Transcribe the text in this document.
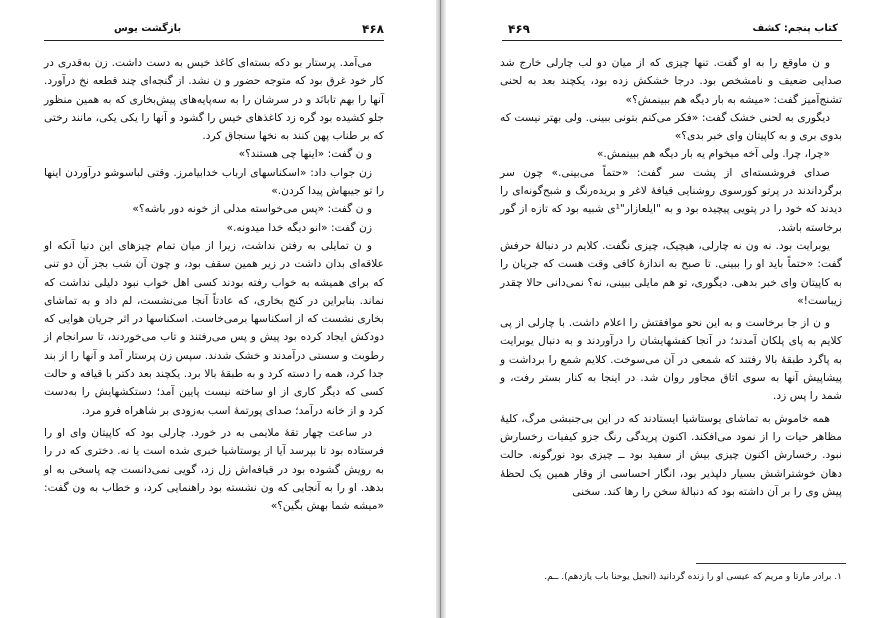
بازگشت یوس	۴۶۸

می‌آمد. پرستار بو دکه بسته‌ای کاغذ خیس به دست داشت. زن به‌قدری در کار خود غرق بود که متوجه حضور و ن نشد. از گنجه‌ای چند قطعه نخ درآورد. آنها را بهم تابانَد و در سرشان را به سه‌پایه‌های پیش‌بخاری که به همین منظور جلو کشیده بود گره زد کاغذهای خیس را گشود و آنها را یکی یکی، مانند رختی که بر طناب پهن کنند به نخها سنجاق کرد.

و ن گفت: «اینها چی هستند؟»

زن جواب داد: «اسکناسهای ارباب خدابیامرز. وقتی لباسوشو درآوردن اینها را تو جیبهاش پیدا کردن.»

و ن گفت: «پس می‌خواسته مدلی از خونه دور باشه؟»

زن گفت: «انو دیگه خدا میدونه.»

و ن تمایلی به رفتن نداشت، زیرا از میان تمام چیزهای این دنیا آنکه او علاقه‌ای بدان داشت در زیر همین سقف بود، و چون آن شب بجز آن دو تنی که برای همیشه به خواب رفته بودند کسی اهل خواب نبود دلیلی نداشت که نماند. بنابراین در کنج بخاری، که عادتاً آنجا می‌نشست، لم داد و به تماشای بخاری نشست که از اسکناسها برمی‌خاست. اسکناسها در اثر جریان هوایی که دودکش ایجاد کرده بود پیش و پس می‌رفتند و تاب می‌خوردند، تا سرانجام از رطوبت و سستی درآمدند و خشک شدند. سپس زن پرستار آمد و آنها را از بند جدا کرد، همه را دسته کرد و به طبقهٔ بالا برد. یکچند بعد دکتر با قیافه و حالت کسی که دیگر کاری از او ساخته نیست پایین آمد؛ دستکشهایش را به‌دست کرد و از خانه درآمد؛ صدای پورتمهٔ اسب به‌زودی بر شاهراه فرو مرد.

در ساعت چهار تقهٔ ملایمی به در خورد. چارلی بود که کاپیتان وای او را فرستاده بود تا بپرسد آیا از یوستاشیا خبری شده است یا نه. دختری که در را به رویش گشوده بود در قیافه‌اش زل زد، گویی نمی‌دانست چه پاسخی به او بدهد. او را به آنجایی که ون نشسته بود راهنمایی کرد، و خطاب به ون گفت: «میشه شما بهش بگین؟»

۴۶۹	کتاب پنجم: کشف

و ن ماوقع را به او گفت. تنها چیزی که از میان دو لب چارلی خارج شد صدایی ضعیف و نامشخص بود. درجا خشکش زده بود، یکچند بعد به لحنی تشنج‌آمیز گفت: «میشه به بار دیگه هم ببینمش؟»

دیگوری به لحنی خشک گفت: «فکر می‌کنم بتونی ببینی. ولی بهتر نیست که بدوی بری و به کاپیتان وای خبر بدی؟»

«چرا، چرا. ولی آخه میخوام یه بار دیگه هم ببینمش.»

صدای فروشسته‌ای از پشت سر گفت: «حتماً می‌بینی.» چون سر برگرداندند در پرتو کورسوی روشنایی قیافهٔ لاغر و بریده‌رنگ و شبح‌گونه‌ای را دیدند که خود را در پتویی پیچیده بود و به "ایلعازار"¹ی شبیه بود که تازه از گور برخاسته باشد.

یوبرایت بود. نه ون نه چارلی، هیچیک، چیزی نگفت. کلایم در دنبالهٔ حرفش گفت: «حتماً باید او را ببینی. تا صبح به اندازهٔ کافی وقت هست که جریان را به کاپیتان وای خبر بدهی. دیگوری، تو هم مایلی ببینی، نه؟ نمی‌دانی حالا چقدر زیباست!»

و ن از جا برخاست و به این نحو موافقتش را اعلام داشت. با چارلی از پی کلایم به پای پلکان آمدند؛ در آنجا کفشهایشان را درآوردند و به دنبال یوبرایت به پاگرد طبقهٔ بالا رفتند که شمعی در آن می‌سوخت. کلایم شمع را برداشت و پیشاپیش آنها به سوی اتاق مجاور روان شد. در اینجا به کنار بستر رفت، و شمد را پس زد.

همه خاموش به تماشای یوستاشیا ایستادند که در این بی‌جنبشی مرگ، کلیهٔ مظاهر حیات را از نمود می‌افکند. اکنون پریدگی رنگ جزو کیفیات رخسارش نبود. رخسارش اکنون چیزی بیش از سفید بود ــ چیزی بود نورگونه. حالت دهان خوشتراشش بسیار دلپذیر بود، انگار احساسی از وقار همین یک لحظهٔ پیش وی را بر آن داشته بود که دنبالهٔ سخن را رها کند. سخنی

۱. برادر مارتا و مریم که عیسی او را زنده گردانید (انجیل یوحنا باب یازدهم). ــم.
